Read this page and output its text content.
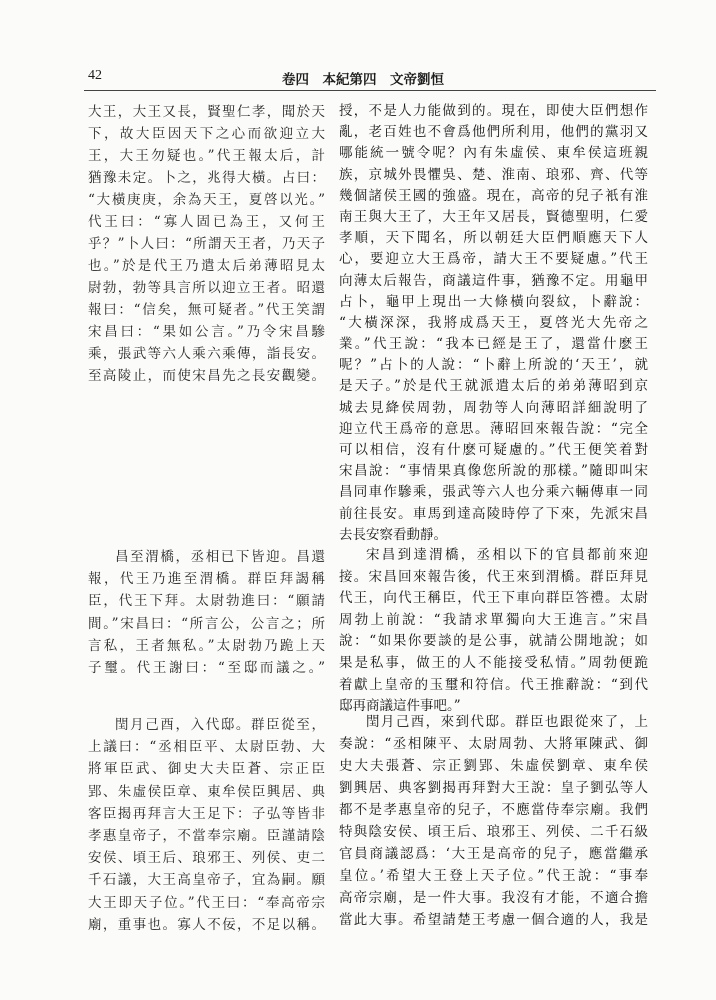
42	卷四　本紀第四　文帝劉恒
大王，大王又長，賢聖仁孝，聞於天
下，故大臣因天下之心而欲迎立大
王，大王勿疑也。”代王報太后，計
猶豫未定。卜之，兆得大橫。占曰：
“大橫庚庚，余為天王，夏啓以光。”
代王曰：“寡人固已為王，又何王
乎？”卜人曰：“所謂天王者，乃天子
也。”於是代王乃遣太后弟薄昭見太
尉勃，勃等具言所以迎立王者。昭還
報曰：“信矣，無可疑者。”代王笑謂
宋昌曰：“果如公言。”乃令宋昌驂
乘，張武等六人乘六乘傳，詣長安。
至高陵止，而使宋昌先之長安觀變。
昌至渭橋，丞相已下皆迎。昌還
報，代王乃進至渭橋。群臣拜謁稱
臣，代王下拜。太尉勃進曰：“願請
間。”宋昌曰：“所言公，公言之；所
言私，王者無私。”太尉勃乃跪上天
子璽。代王謝曰：“至邸而議之。”
閏月己酉，入代邸。群臣從至，
上議曰：“丞相臣平、太尉臣勃、大
將軍臣武、御史大夫臣蒼、宗正臣
郢、朱虛侯臣章、東牟侯臣興居、典
客臣揭再拜言大王足下：子弘等皆非
孝惠皇帝子，不當奉宗廟。臣謹請陰
安侯、頃王后、琅邪王、列侯、吏二
千石議，大王高皇帝子，宜為嗣。願
大王即天子位。”代王曰：“奉高帝宗
廟，重事也。寡人不佞，不足以稱。
授，不是人力能做到的。現在，即使大臣們想作
亂，老百姓也不會爲他們所利用，他們的黨羽又
哪能統一號令呢？內有朱虛侯、東牟侯這班親
族，京城外畏懼吳、楚、淮南、琅邪、齊、代等
幾個諸侯王國的強盛。現在，高帝的兒子衹有淮
南王與大王了，大王年又居長，賢德聖明，仁愛
孝順，天下聞名，所以朝廷大臣們順應天下人
心，要迎立大王爲帝，請大王不要疑慮。”代王
向薄太后報告，商議這件事，猶豫不定。用龜甲
占卜，龜甲上現出一大條橫向裂紋，卜辭說：
“大橫深深，我將成爲天王，夏啓光大先帝之
業。”代王說：“我本已經是王了，還當什麽王
呢？”占卜的人說：“卜辭上所說的‘天王’，就
是天子。”於是代王就派遣太后的弟弟薄昭到京
城去見絳侯周勃，周勃等人向薄昭詳細說明了
迎立代王爲帝的意思。薄昭回來報告說：“完全
可以相信，沒有什麽可疑慮的。”代王便笑着對
宋昌說：“事情果真像您所說的那樣。”隨即叫宋
昌同車作驂乘，張武等六人也分乘六輛傳車一同
前往長安。車馬到達高陵時停了下來，先派宋昌
去長安察看動靜。
宋昌到達渭橋，丞相以下的官員都前來迎
接。宋昌回來報告後，代王來到渭橋。群臣拜見
代王，向代王稱臣，代王下車向群臣答禮。太尉
周勃上前說：“我請求單獨向大王進言。”宋昌
說：“如果你要談的是公事，就請公開地說；如
果是私事，做王的人不能接受私情。”周勃便跪
着獻上皇帝的玉璽和符信。代王推辭說：“到代
邸再商議這件事吧。”
閏月己酉，來到代邸。群臣也跟從來了，上
奏說：“丞相陳平、太尉周勃、大將軍陳武、御
史大夫張蒼、宗正劉郢、朱虛侯劉章、東牟侯
劉興居、典客劉揭再拜對大王說：皇子劉弘等人
都不是孝惠皇帝的兒子，不應當侍奉宗廟。我們
特與陰安侯、頃王后、琅邪王、列侯、二千石級
官員商議認爲：‘大王是高帝的兒子，應當繼承
皇位。’希望大王登上天子位。”代王說：“事奉
高帝宗廟，是一件大事。我沒有才能，不適合擔
當此大事。希望請楚王考慮一個合適的人，我是
